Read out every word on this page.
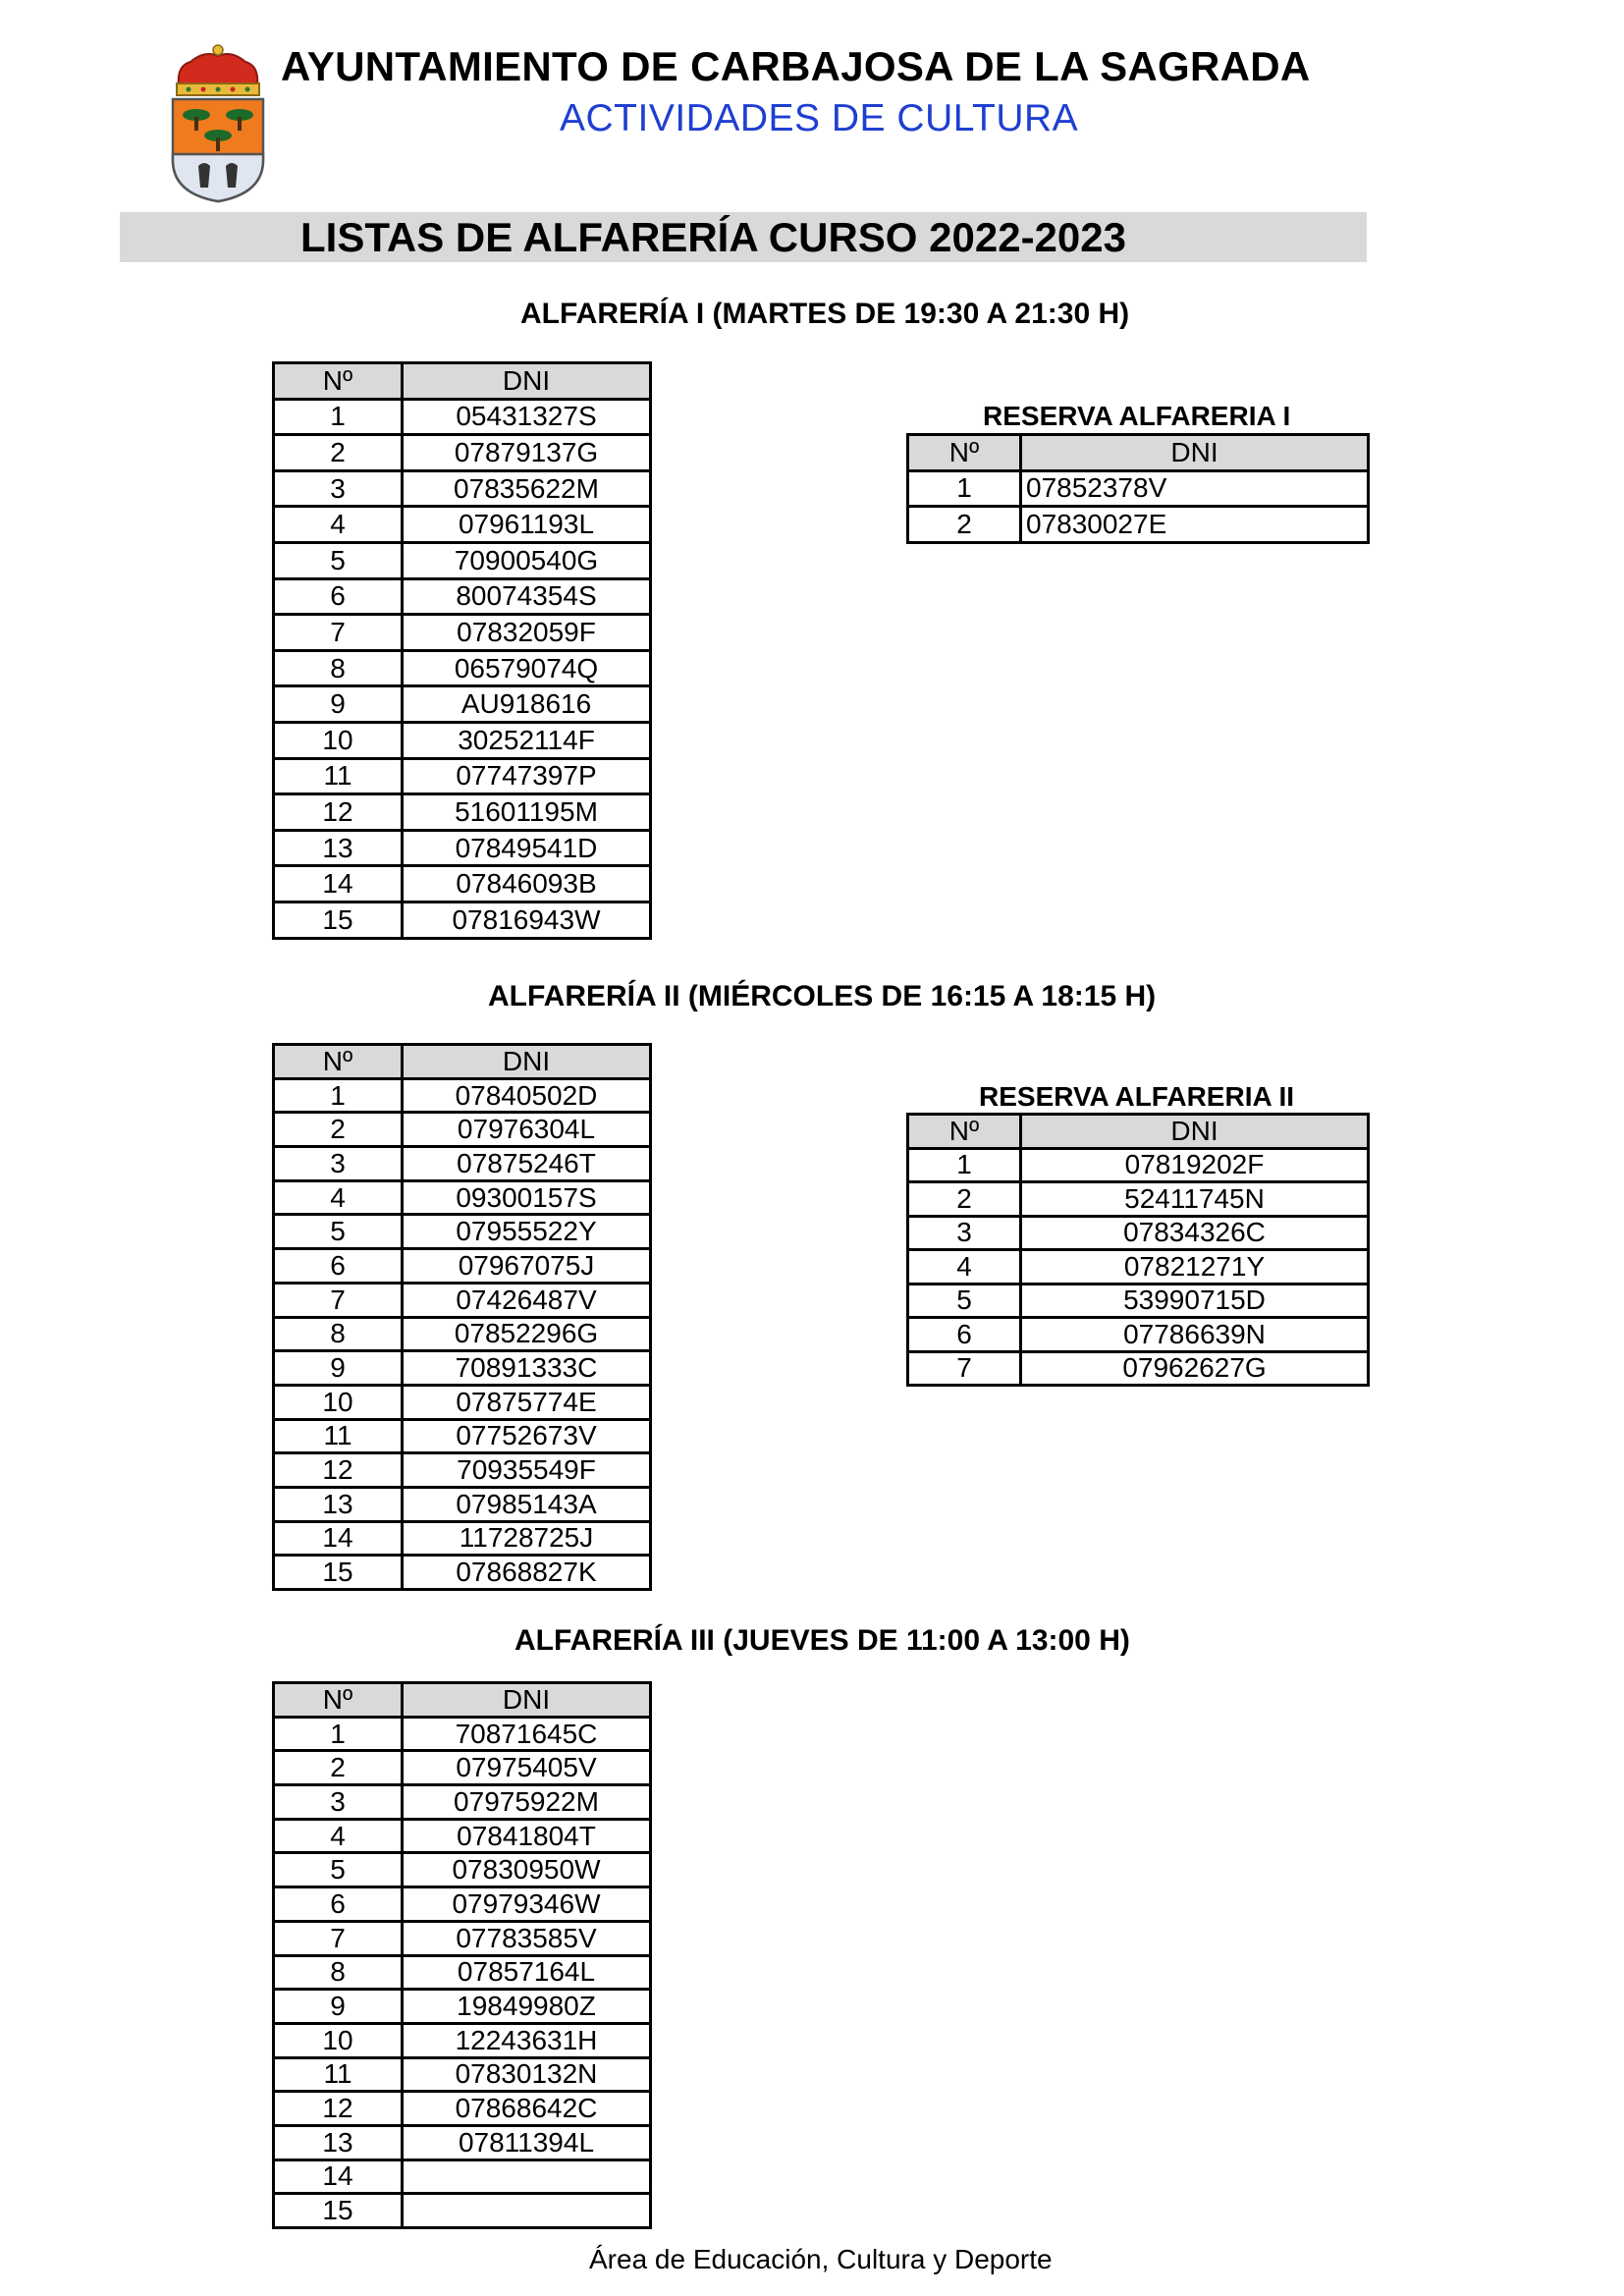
AYUNTAMIENTO DE CARBAJOSA DE LA SAGRADA
ACTIVIDADES DE CULTURA
LISTAS DE ALFARERÍA CURSO 2022-2023
ALFARERÍA I (MARTES DE 19:30 A 21:30 H)
Nº	DNI
1	05431327S
2	07879137G
3	07835622M
4	07961193L
5	70900540G
6	80074354S
7	07832059F
8	06579074Q
9	AU918616
10	30252114F
11	07747397P
12	51601195M
13	07849541D
14	07846093B
15	07816943W
RESERVA ALFARERIA I
Nº	DNI
1	07852378V
2	07830027E
ALFARERÍA II (MIÉRCOLES DE 16:15 A 18:15 H)
Nº	DNI
1	07840502D
2	07976304L
3	07875246T
4	09300157S
5	07955522Y
6	07967075J
7	07426487V
8	07852296G
9	70891333C
10	07875774E
11	07752673V
12	70935549F
13	07985143A
14	11728725J
15	07868827K
RESERVA ALFARERIA II
Nº	DNI
1	07819202F
2	52411745N
3	07834326C
4	07821271Y
5	53990715D
6	07786639N
7	07962627G
ALFARERÍA III (JUEVES DE 11:00 A 13:00 H)
Nº	DNI
1	70871645C
2	07975405V
3	07975922M
4	07841804T
5	07830950W
6	07979346W
7	07783585V
8	07857164L
9	19849980Z
10	12243631H
11	07830132N
12	07868642C
13	07811394L
14	
15	
Área de Educación, Cultura y Deporte
